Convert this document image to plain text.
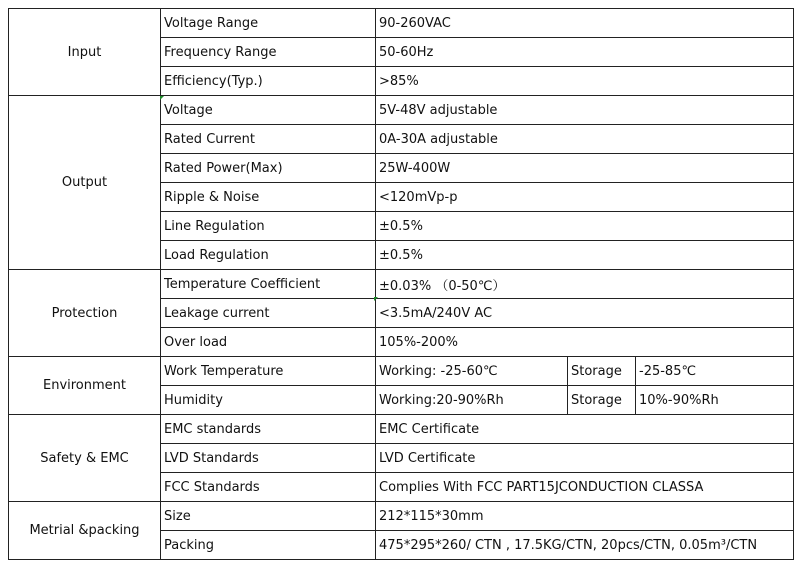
Input	Voltage Range	90-260VAC		
	Frequency Range	50-60Hz		
	Efficiency(Typ.)	>85%		
Output	Voltage	5V-48V adjustable		
	Rated Current	0A-30A adjustable		
	Rated Power(Max)	25W-400W		
	Ripple & Noise	<120mVp-p		
	Line Regulation	±0.5%		
	Load Regulation	±0.5%		
Protection	Temperature Coefficient	±0.03% （0-50℃）		
	Leakage current	<3.5mA/240V AC		
	Over load	105%-200%		
Environment	Work Temperature	Working: -25-60℃	Storage	-25-85℃
	Humidity	Working:20-90%Rh	Storage	10%-90%Rh
Safety & EMC	EMC standards	EMC Certificate		
	LVD Standards	LVD Certificate		
	FCC Standards	Complies With FCC PART15JCONDUCTION CLASSA		
Metrial &packing	Size	212*115*30mm		
	Packing	475*295*260/ CTN , 17.5KG/CTN, 20pcs/CTN, 0.05m³/CTN		
